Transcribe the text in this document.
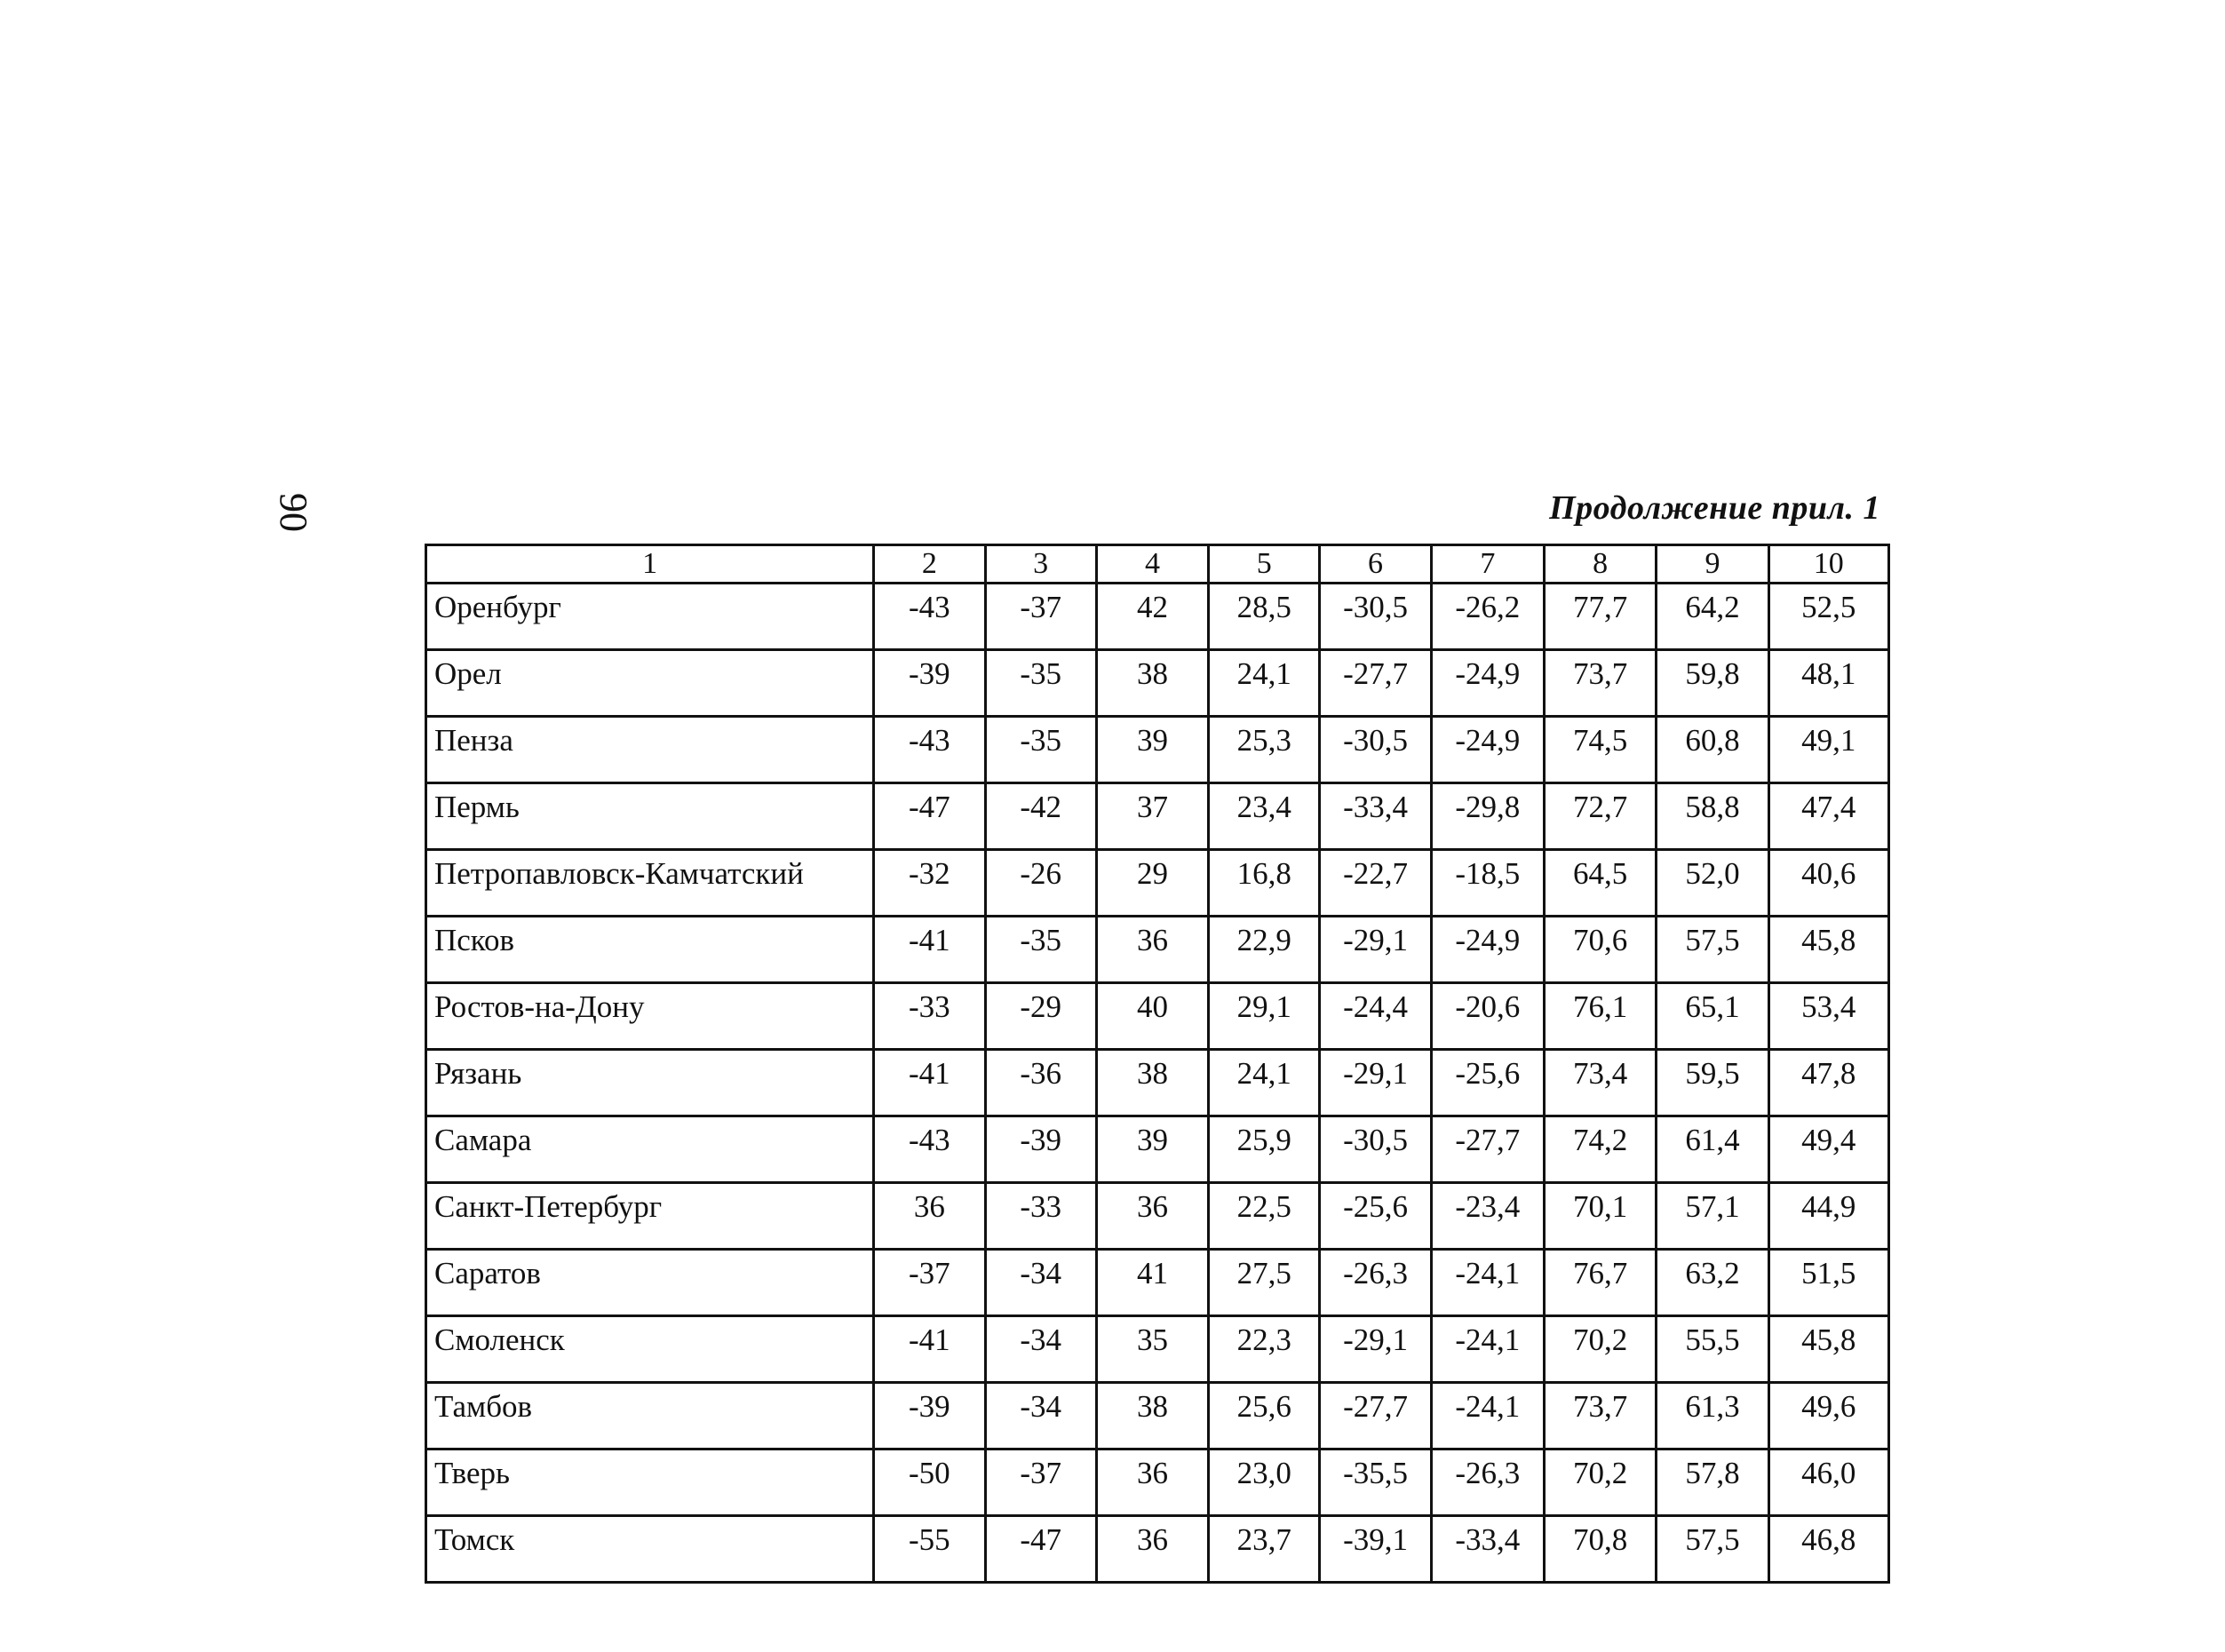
90	Продолжение прил. 1
1	2	3	4	5	6	7	8	9	10
Оренбург	-43	-37	42	28,5	-30,5	-26,2	77,7	64,2	52,5
Орел	-39	-35	38	24,1	-27,7	-24,9	73,7	59,8	48,1
Пенза	-43	-35	39	25,3	-30,5	-24,9	74,5	60,8	49,1
Пермь	-47	-42	37	23,4	-33,4	-29,8	72,7	58,8	47,4
Петропавловск-Камчатский	-32	-26	29	16,8	-22,7	-18,5	64,5	52,0	40,6
Псков	-41	-35	36	22,9	-29,1	-24,9	70,6	57,5	45,8
Ростов-на-Дону	-33	-29	40	29,1	-24,4	-20,6	76,1	65,1	53,4
Рязань	-41	-36	38	24,1	-29,1	-25,6	73,4	59,5	47,8
Самара	-43	-39	39	25,9	-30,5	-27,7	74,2	61,4	49,4
Санкт-Петербург	36	-33	36	22,5	-25,6	-23,4	70,1	57,1	44,9
Саратов	-37	-34	41	27,5	-26,3	-24,1	76,7	63,2	51,5
Смоленск	-41	-34	35	22,3	-29,1	-24,1	70,2	55,5	45,8
Тамбов	-39	-34	38	25,6	-27,7	-24,1	73,7	61,3	49,6
Тверь	-50	-37	36	23,0	-35,5	-26,3	70,2	57,8	46,0
Томск	-55	-47	36	23,7	-39,1	-33,4	70,8	57,5	46,8
